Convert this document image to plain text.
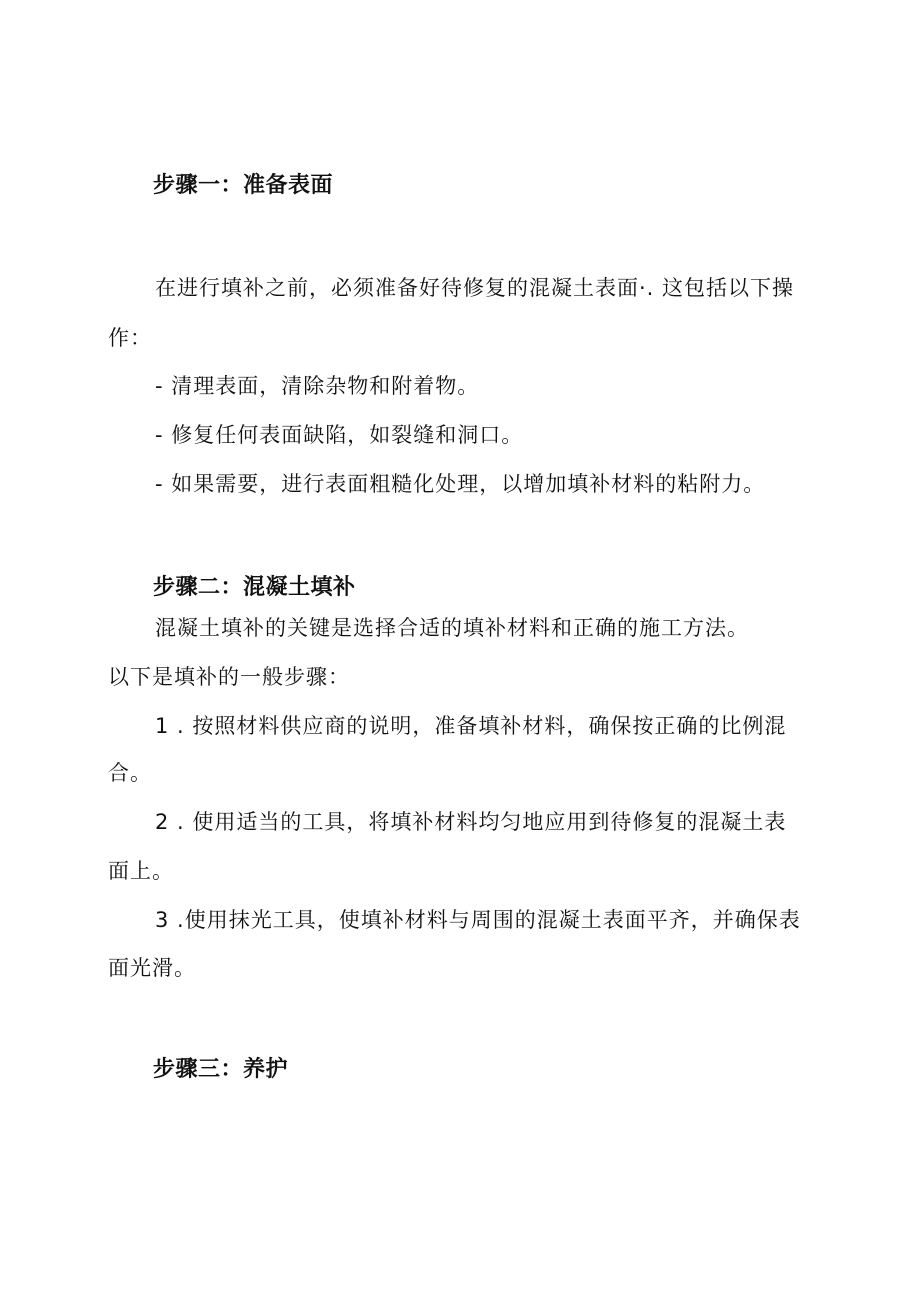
步骤一：准备表面

在进行填补之前，必须准备好待修复的混凝土表面·. 这包括以下操

作：

- 清理表面，清除杂物和附着物。

- 修复任何表面缺陷，如裂缝和洞口。

- 如果需要，进行表面粗糙化处理，以增加填补材料的粘附力。

步骤二：混凝土填补

混凝土填补的关键是选择合适的填补材料和正确的施工方法。

以下是填补的一般步骤：

1 . 按照材料供应商的说明，准备填补材料，确保按正确的比例混

合。

2 . 使用适当的工具，将填补材料均匀地应用到待修复的混凝土表

面上。

3 .使用抹光工具，使填补材料与周围的混凝土表面平齐，并确保表

面光滑。

步骤三：养护
